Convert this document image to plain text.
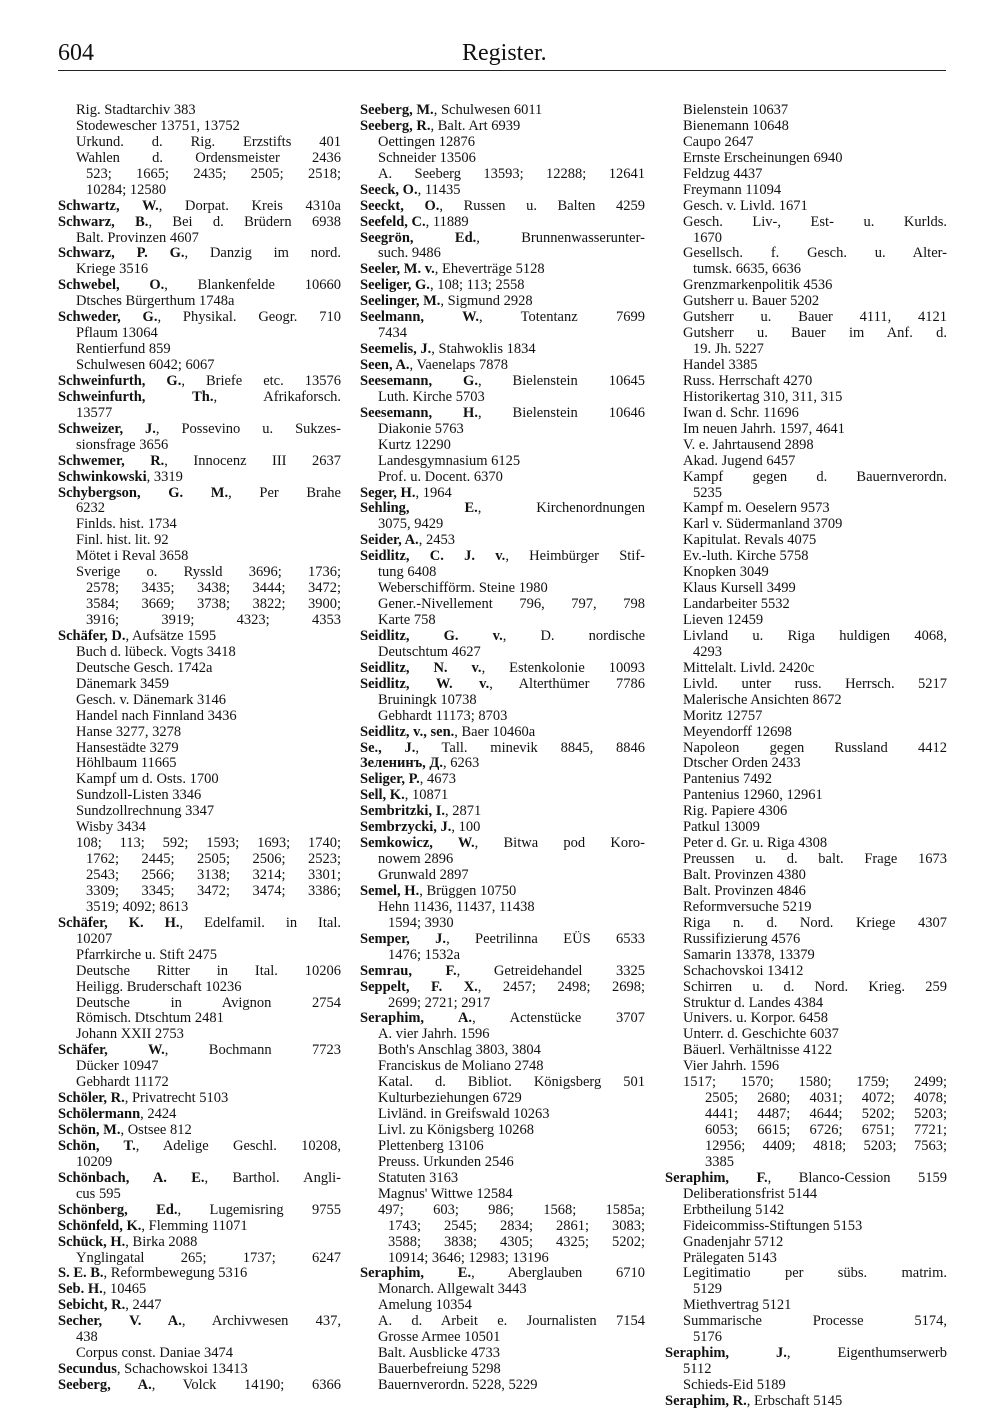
604	Register.
Rig. Stadtarchiv 383
Stodewescher 13751, 13752
Urkund. d. Rig. Erzstifts 401
Wahlen d. Ordensmeister 2436
523; 1665; 2435; 2505; 2518;
10284; 12580
Schwartz, W., Dorpat. Kreis 4310a
Schwarz, B., Bei d. Brüdern 6938
Balt. Provinzen 4607
Schwarz, P. G., Danzig im nord.
Kriege 3516
Schwebel, O., Blankenfelde 10660
Dtsches Bürgerthum 1748a
Schweder, G., Physikal. Geogr. 710
Pflaum 13064
Rentierfund 859
Schulwesen 6042; 6067
Schweinfurth, G., Briefe etc. 13576
Schweinfurth, Th., Afrikaforsch.
13577
Schweizer, J., Possevino u. Sukzes-
sionsfrage 3656
Schwemer, R., Innocenz III 2637
Schwinkowski, 3319
Schybergson, G. M., Per Brahe
6232
Finlds. hist. 1734
Finl. hist. lit. 92
Mötet i Reval 3658
Sverige o. Ryssld 3696; 1736;
2578; 3435; 3438; 3444; 3472;
3584; 3669; 3738; 3822; 3900;
3916; 3919; 4323; 4353
Schäfer, D., Aufsätze 1595
Buch d. lübeck. Vogts 3418
Deutsche Gesch. 1742a
Dänemark 3459
Gesch. v. Dänemark 3146
Handel nach Finnland 3436
Hanse 3277, 3278
Hansestädte 3279
Höhlbaum 11665
Kampf um d. Osts. 1700
Sundzoll-Listen 3346
Sundzollrechnung 3347
Wisby 3434
108; 113; 592; 1593; 1693; 1740;
1762; 2445; 2505; 2506; 2523;
2543; 2566; 3138; 3214; 3301;
3309; 3345; 3472; 3474; 3386;
3519; 4092; 8613
Schäfer, K. H., Edelfamil. in Ital.
10207
Pfarrkirche u. Stift 2475
Deutsche Ritter in Ital. 10206
Heiligg. Bruderschaft 10236
Deutsche in Avignon 2754
Römisch. Dtschtum 2481
Johann XXII 2753
Schäfer, W., Bochmann 7723
Dücker 10947
Gebhardt 11172
Schöler, R., Privatrecht 5103
Schölermann, 2424
Schön, M., Ostsee 812
Schön, T., Adelige Geschl. 10208,
10209
Schönbach, A. E., Barthol. Angli-
cus 595
Schönberg, Ed., Lugemisring 9755
Schönfeld, K., Flemming 11071
Schück, H., Birka 2088
Ynglingatal 265; 1737; 6247
S. E. B., Reformbewegung 5316
Seb. H., 10465
Sebicht, R., 2447
Secher, V. A., Archivwesen 437,
438
Corpus const. Daniae 3474
Secundus, Schachowskoi 13413
Seeberg, A., Volck 14190; 6366
Seeberg, M., Schulwesen 6011
Seeberg, R., Balt. Art 6939
Oettingen 12876
Schneider 13506
A. Seeberg 13593; 12288; 12641
Seeck, O., 11435
Seeckt, O., Russen u. Balten 4259
Seefeld, C., 11889
Seegrön, Ed., Brunnenwasserunter-
such. 9486
Seeler, M. v., Eheverträge 5128
Seeliger, G., 108; 113; 2558
Seelinger, M., Sigmund 2928
Seelmann, W., Totentanz 7699
7434
Seemelis, J., Stahwoklis 1834
Seen, A., Vaenelaps 7878
Seesemann, G., Bielenstein 10645
Luth. Kirche 5703
Seesemann, H., Bielenstein 10646
Diakonie 5763
Kurtz 12290
Landesgymnasium 6125
Prof. u. Docent. 6370
Seger, H., 1964
Sehling, E., Kirchenordnungen
3075, 9429
Seider, A., 2453
Seidlitz, C. J. v., Heimbürger Stif-
tung 6408
Weberschifförm. Steine 1980
Gener.-Nivellement 796, 797, 798
Karte 758
Seidlitz, G. v., D. nordische
Deutschtum 4627
Seidlitz, N. v., Estenkolonie 10093
Seidlitz, W. v., Alterthümer 7786
Bruiningk 10738
Gebhardt 11173; 8703
Seidlitz, v., sen., Baer 10460a
Se., J., Tall. minevik 8845, 8846
Зеленинъ, Д., 6263
Seliger, P., 4673
Sell, K., 10871
Sembritzki, I., 2871
Sembrzycki, J., 100
Semkowicz, W., Bitwa pod Koro-
nowem 2896
Grunwald 2897
Semel, H., Brüggen 10750
Hehn 11436, 11437, 11438
1594; 3930
Semper, J., Peetrilinna EÜS 6533
1476; 1532a
Semrau, F., Getreidehandel 3325
Seppelt, F. X., 2457; 2498; 2698;
2699; 2721; 2917
Seraphim, A., Actenstücke 3707
A. vier Jahrh. 1596
Both's Anschlag 3803, 3804
Franciskus de Moliano 2748
Katal. d. Bibliot. Königsberg 501
Kulturbeziehungen 6729
Livländ. in Greifswald 10263
Livl. zu Königsberg 10268
Plettenberg 13106
Preuss. Urkunden 2546
Statuten 3163
Magnus' Wittwe 12584
497; 603; 986; 1568; 1585a;
1743; 2545; 2834; 2861; 3083;
3588; 3838; 4305; 4325; 5202;
10914; 3646; 12983; 13196
Seraphim, E., Aberglauben 6710
Monarch. Allgewalt 3443
Amelung 10354
A. d. Arbeit e. Journalisten 7154
Grosse Armee 10501
Balt. Ausblicke 4733
Bauerbefreiung 5298
Bauernverordn. 5228, 5229
Bielenstein 10637
Bienemann 10648
Caupo 2647
Ernste Erscheinungen 6940
Feldzug 4437
Freymann 11094
Gesch. v. Livld. 1671
Gesch. Liv-, Est- u. Kurlds.
1670
Gesellsch. f. Gesch. u. Alter-
tumsk. 6635, 6636
Grenzmarkenpolitik 4536
Gutsherr u. Bauer 5202
Gutsherr u. Bauer 4111, 4121
Gutsherr u. Bauer im Anf. d.
19. Jh. 5227
Handel 3385
Russ. Herrschaft 4270
Historikertag 310, 311, 315
Iwan d. Schr. 11696
Im neuen Jahrh. 1597, 4641
V. e. Jahrtausend 2898
Akad. Jugend 6457
Kampf gegen d. Bauernverordn.
5235
Kampf m. Oeselern 9573
Karl v. Südermanland 3709
Kapitulat. Revals 4075
Ev.-luth. Kirche 5758
Knopken 3049
Klaus Kursell 3499
Landarbeiter 5532
Lieven 12459
Livland u. Riga huldigen 4068,
4293
Mittelalt. Livld. 2420c
Livld. unter russ. Herrsch. 5217
Malerische Ansichten 8672
Moritz 12757
Meyendorff 12698
Napoleon gegen Russland 4412
Dtscher Orden 2433
Pantenius 7492
Pantenius 12960, 12961
Rig. Papiere 4306
Patkul 13009
Peter d. Gr. u. Riga 4308
Preussen u. d. balt. Frage 1673
Balt. Provinzen 4380
Balt. Provinzen 4846
Reformversuche 5219
Riga n. d. Nord. Kriege 4307
Russifizierung 4576
Samarin 13378, 13379
Schachovskoi 13412
Schirren u. d. Nord. Krieg. 259
Struktur d. Landes 4384
Univers. u. Korpor. 6458
Unterr. d. Geschichte 6037
Bäuerl. Verhältnisse 4122
Vier Jahrh. 1596
1517; 1570; 1580; 1759; 2499;
2505; 2680; 4031; 4072; 4078;
4441; 4487; 4644; 5202; 5203;
6053; 6615; 6726; 6751; 7721;
12956; 4409; 4818; 5203; 7563;
3385
Seraphim, F., Blanco-Cession 5159
Deliberationsfrist 5144
Erbtheilung 5142
Fideicommiss-Stiftungen 5153
Gnadenjahr 5712
Prälegaten 5143
Legitimatio per sübs. matrim.
5129
Miethvertrag 5121
Summarische Processe 5174,
5176
Seraphim, J., Eigenthumserwerb
5112
Schieds-Eid 5189
Seraphim, R., Erbschaft 5145
